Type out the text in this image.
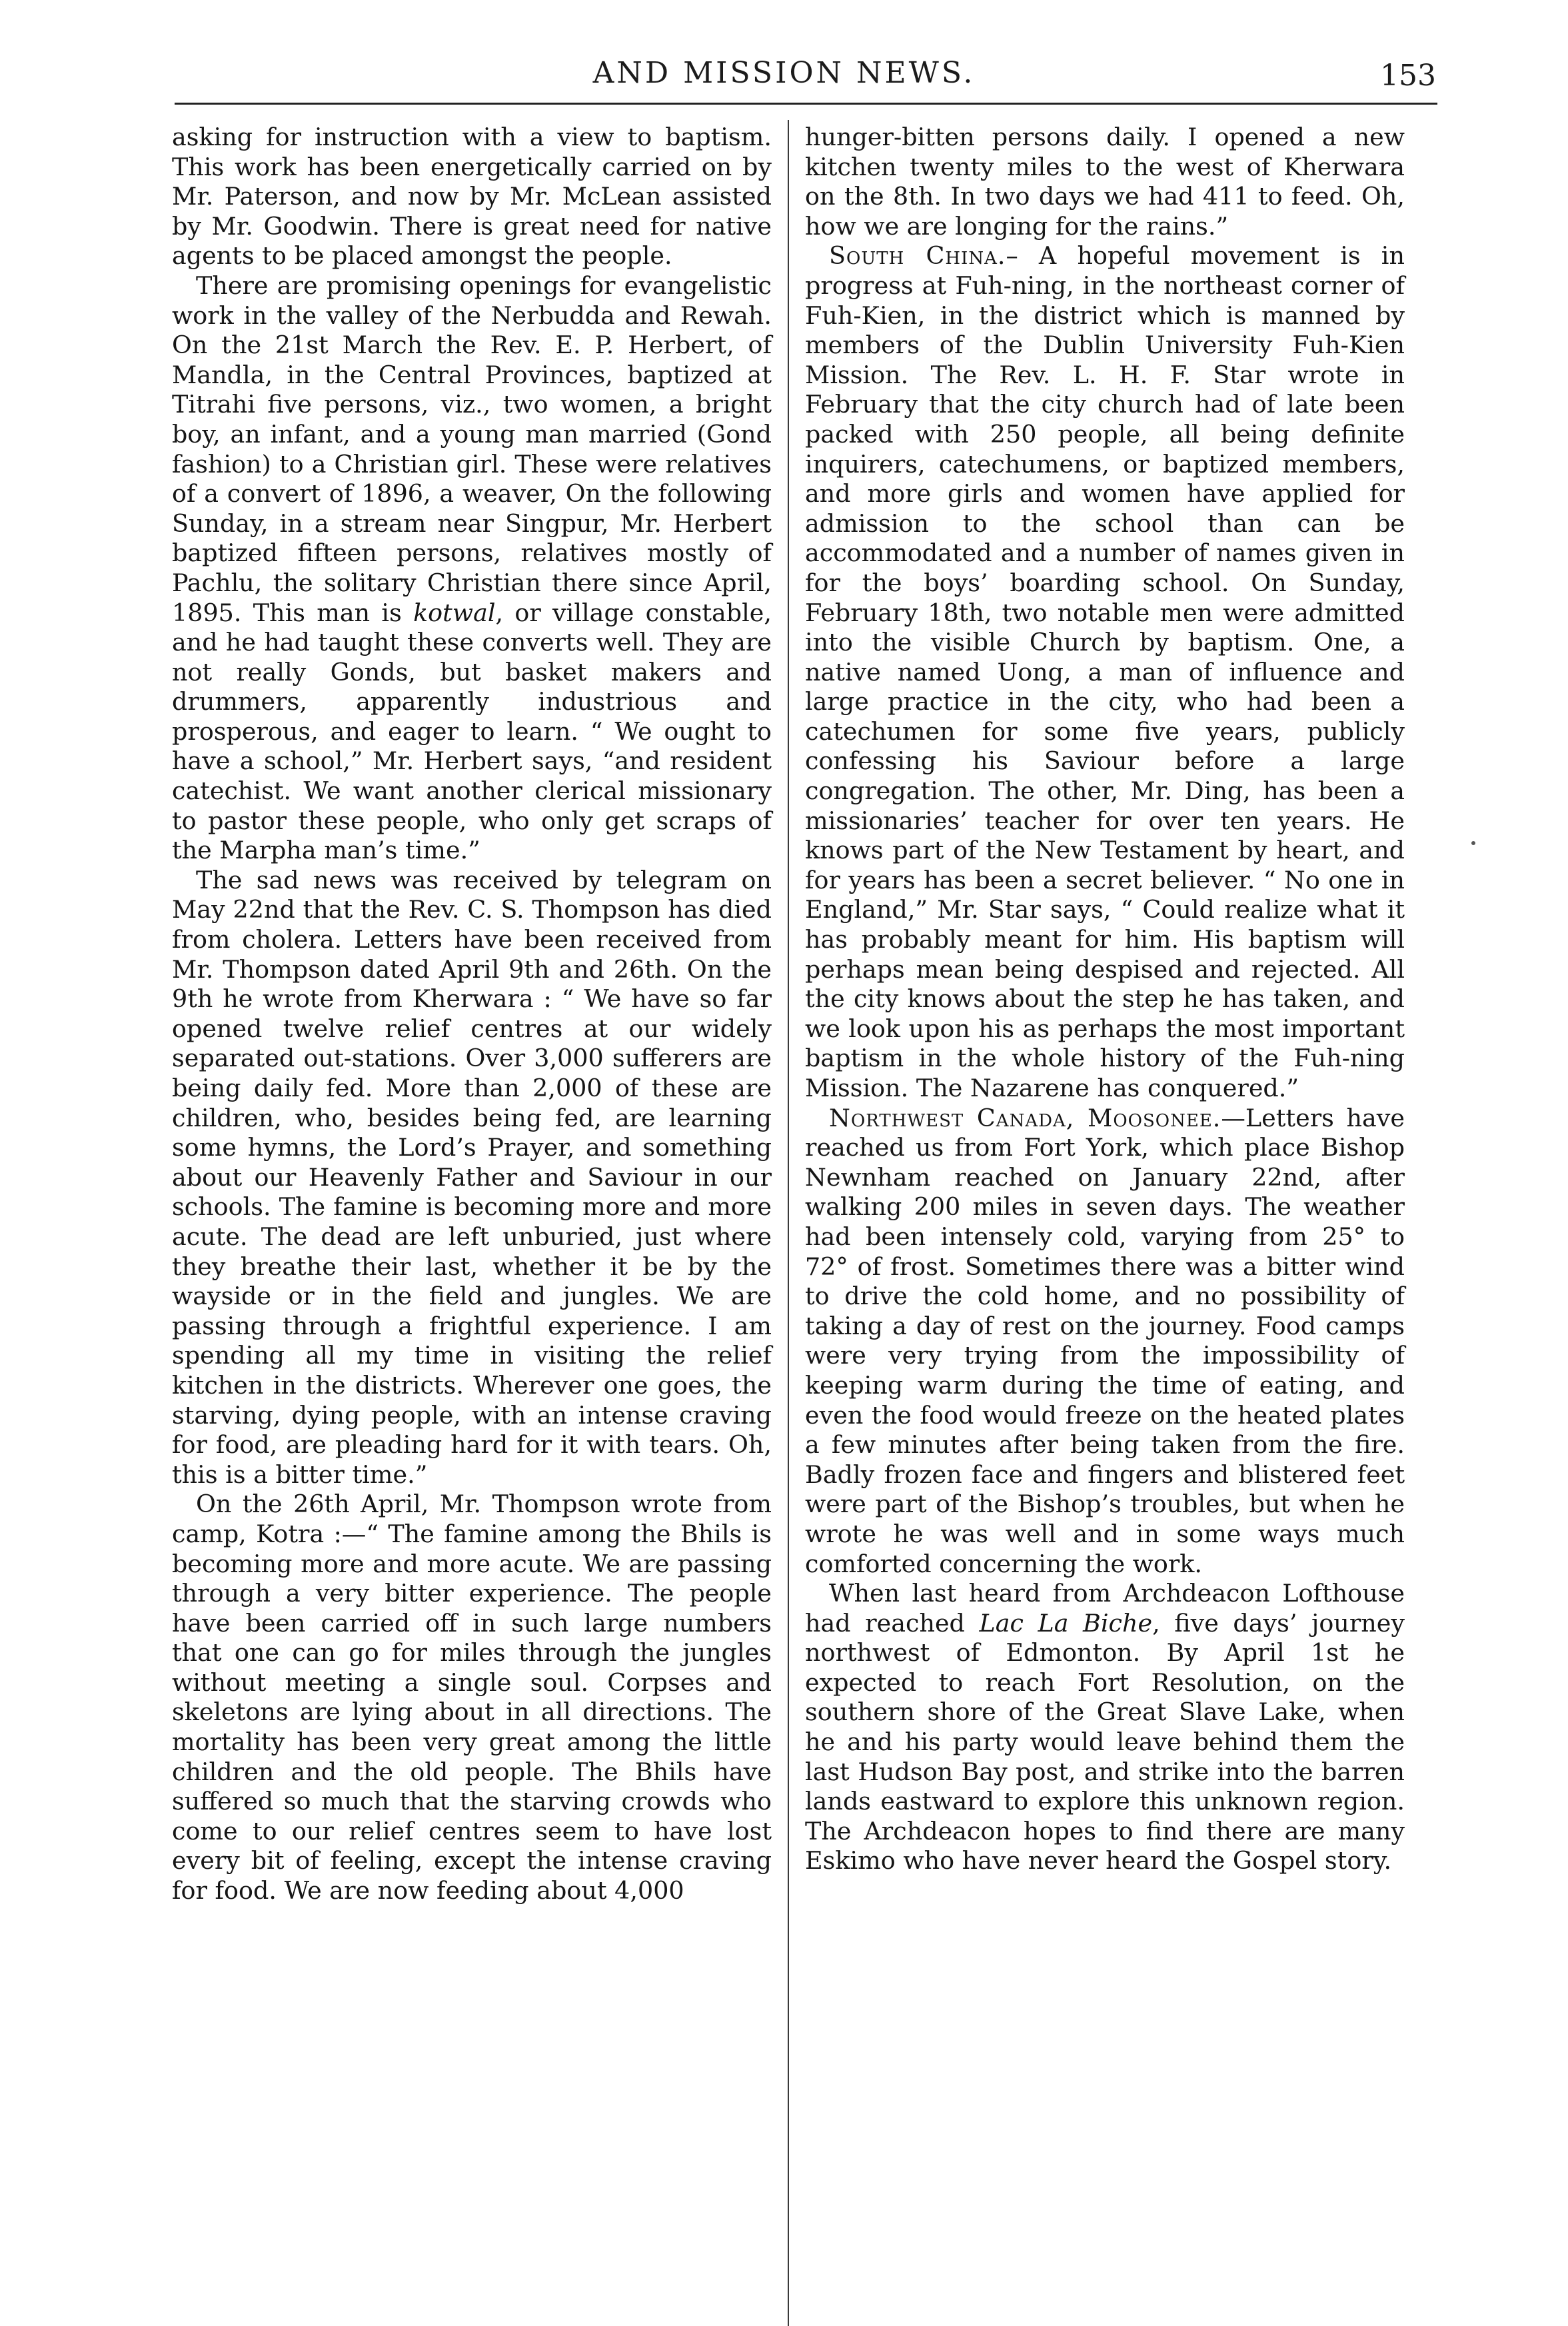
AND MISSION NEWS.	153

asking for instruction with a view to baptism. This work has been energetically carried on by Mr. Paterson, and now by Mr. McLean assisted by Mr. Goodwin. There is great need for native agents to be placed amongst the people.

There are promising openings for evangelistic work in the valley of the Nerbudda and Rewah. On the 21st March the Rev. E. P. Herbert, of Mandla, in the Central Provinces, baptized at Titrahi five persons, viz., two women, a bright boy, an infant, and a young man married (Gond fashion) to a Christian girl. These were relatives of a convert of 1896, a weaver, On the following Sunday, in a stream near Singpur, Mr. Herbert baptized fifteen persons, relatives mostly of Pachlu, the solitary Christian there since April, 1895. This man is kotwal, or village constable, and he had taught these converts well. They are not really Gonds, but basket makers and drummers, apparently industrious and prosperous, and eager to learn. “ We ought to have a school,” Mr. Herbert says, “and resident catechist. We want another clerical missionary to pastor these people, who only get scraps of the Marpha man’s time.”

The sad news was received by telegram on May 22nd that the Rev. C. S. Thompson has died from cholera. Letters have been received from Mr. Thompson dated April 9th and 26th. On the 9th he wrote from Kherwara : “ We have so far opened twelve relief centres at our widely separated out-stations. Over 3,000 sufferers are being daily fed. More than 2,000 of these are children, who, besides being fed, are learning some hymns, the Lord’s Prayer, and something about our Heavenly Father and Saviour in our schools. The famine is becoming more and more acute. The dead are left unburied, just where they breathe their last, whether it be by the wayside or in the field and jungles. We are passing through a frightful experience. I am spending all my time in visiting the relief kitchen in the districts. Wherever one goes, the starving, dying people, with an intense craving for food, are pleading hard for it with tears. Oh, this is a bitter time.”

On the 26th April, Mr. Thompson wrote from camp, Kotra :—“ The famine among the Bhils is becoming more and more acute. We are passing through a very bitter experience. The people have been carried off in such large numbers that one can go for miles through the jungles without meeting a single soul. Corpses and skeletons are lying about in all directions. The mortality has been very great among the little children and the old people. The Bhils have suffered so much that the starving crowds who come to our relief centres seem to have lost every bit of feeling, except the intense craving for food. We are now feeding about 4,000

hunger-bitten persons daily. I opened a new kitchen twenty miles to the west of Kherwara on the 8th. In two days we had 411 to feed. Oh, how we are longing for the rains.”

South China.– A hopeful movement is in progress at Fuh-ning, in the northeast corner of Fuh-Kien, in the district which is manned by members of the Dublin University Fuh-Kien Mission. The Rev. L. H. F. Star wrote in February that the city church had of late been packed with 250 people, all being definite inquirers, catechumens, or baptized members, and more girls and women have applied for admission to the school than can be accommodated and a number of names given in for the boys’ boarding school. On Sunday, February 18th, two notable men were admitted into the visible Church by baptism. One, a native named Uong, a man of influence and large practice in the city, who had been a catechumen for some five years, publicly confessing his Saviour before a large congregation. The other, Mr. Ding, has been a missionaries’ teacher for over ten years. He knows part of the New Testament by heart, and for years has been a secret believer. “ No one in England,” Mr. Star says, “ Could realize what it has probably meant for him. His baptism will perhaps mean being despised and rejected. All the city knows about the step he has taken, and we look upon his as perhaps the most important baptism in the whole history of the Fuh-ning Mission. The Nazarene has conquered.”

Northwest Canada, Moosonee.—Letters have reached us from Fort York, which place Bishop Newnham reached on January 22nd, after walking 200 miles in seven days. The weather had been intensely cold, varying from 25° to 72° of frost. Sometimes there was a bitter wind to drive the cold home, and no possibility of taking a day of rest on the journey. Food camps were very trying from the impossibility of keeping warm during the time of eating, and even the food would freeze on the heated plates a few minutes after being taken from the fire. Badly frozen face and fingers and blistered feet were part of the Bishop’s troubles, but when he wrote he was well and in some ways much comforted concerning the work.

When last heard from Archdeacon Lofthouse had reached Lac La Biche, five days’ journey northwest of Edmonton. By April 1st he expected to reach Fort Resolution, on the southern shore of the Great Slave Lake, when he and his party would leave behind them the last Hudson Bay post, and strike into the barren lands eastward to explore this unknown region. The Archdeacon hopes to find there are many Eskimo who have never heard the Gospel story.
